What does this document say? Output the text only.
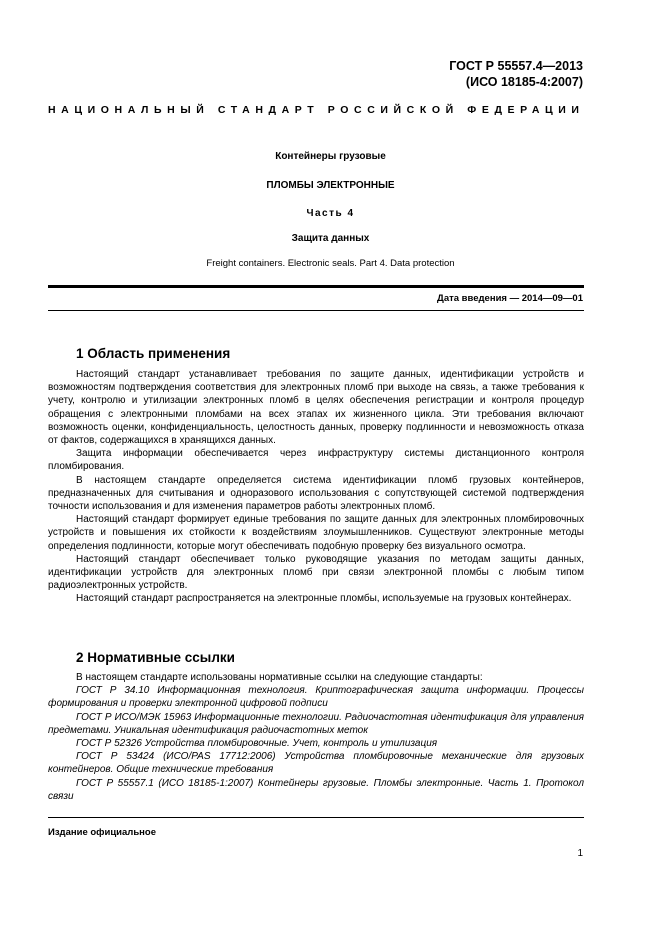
ГОСТ Р 55557.4—2013
(ИСО 18185-4:2007)
НАЦИОНАЛЬНЫЙ СТАНДАРТ РОССИЙСКОЙ ФЕДЕРАЦИИ
Контейнеры грузовые
ПЛОМБЫ ЭЛЕКТРОННЫЕ
Часть 4
Защита данных
Freight containers. Electronic seals. Part 4. Data protection
Дата введения — 2014—09—01
1 Область применения

Настоящий стандарт устанавливает требования по защите данных, идентификации устройств и возможностям подтверждения соответствия для электронных пломб при выходе на связь, а также требования к учету, контролю и утилизации электронных пломб в целях обеспечения регистрации и контроля процедур обращения с электронными пломбами на всех этапах их жизненного цикла. Эти требования включают возможность оценки, конфиденциальность, целостность данных, проверку подлинности и невозможность отказа от фактов, содержащихся в хранящихся данных.

Защита информации обеспечивается через инфраструктуру системы дистанционного контроля пломбирования.

В настоящем стандарте определяется система идентификации пломб грузовых контейнеров, предназначенных для считывания и одноразового использования с сопутствующей системой подтверждения точности использования и для изменения параметров работы электронных пломб.

Настоящий стандарт формирует единые требования по защите данных для электронных пломбировочных устройств и повышения их стойкости к воздействиям злоумышленников. Существуют электронные методы определения подлинности, которые могут обеспечивать подобную проверку без визуального осмотра.

Настоящий стандарт обеспечивает только руководящие указания по методам защиты данных, идентификации устройств для электронных пломб при связи электронной пломбы с любым типом радиоэлектронных устройств.

Настоящий стандарт распространяется на электронные пломбы, используемые на грузовых контейнерах.

2 Нормативные ссылки

В настоящем стандарте использованы нормативные ссылки на следующие стандарты:

ГОСТ Р 34.10 Информационная технология. Криптографическая защита информации. Процессы формирования и проверки электронной цифровой подписи

ГОСТ Р ИСО/МЭК 15963 Информационные технологии. Радиочастотная идентификация для управления предметами. Уникальная идентификация радиочастотных меток

ГОСТ Р 52326 Устройства пломбировочные. Учет, контроль и утилизация

ГОСТ Р 53424 (ИСО/PAS 17712:2006) Устройства пломбировочные механические для грузовых контейнеров. Общие технические требования

ГОСТ Р 55557.1 (ИСО 18185-1:2007) Контейнеры грузовые. Пломбы электронные. Часть 1. Протокол связи

Издание официальное
1
